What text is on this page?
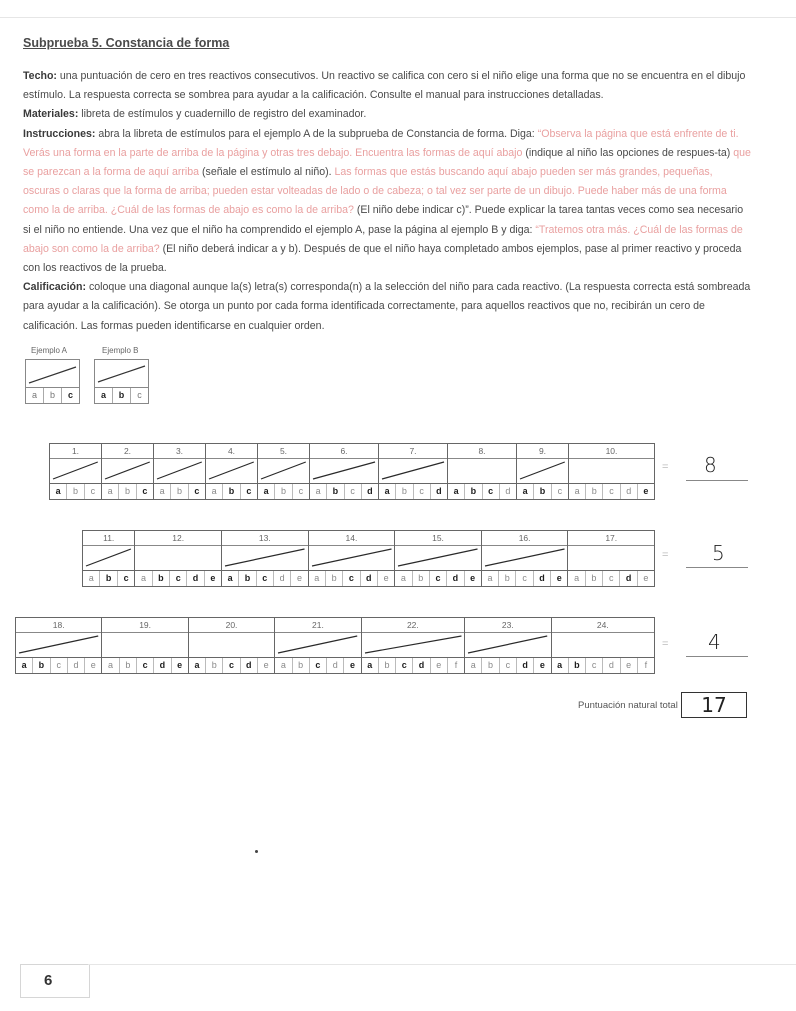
Subprueba 5. Constancia de forma

Techo: una puntuación de cero en tres reactivos consecutivos. Un reactivo se califica con cero si el niño elige una forma que no se encuentra en el dibujo estímulo. La respuesta correcta se sombrea para ayudar a la calificación. Consulte el manual para instrucciones detalladas.

Materiales: libreta de estímulos y cuadernillo de registro del examinador.

Instrucciones: abra la libreta de estímulos para el ejemplo A de la subprueba de Constancia de forma. Diga: “Observa la página que está enfrente de ti. Verás una forma en la parte de arriba de la página y otras tres debajo. Encuentra las formas de aquí abajo (indique al niño las opciones de respues-ta) que se parezcan a la forma de aquí arriba (señale el estímulo al niño). Las formas que estás buscando aquí abajo pueden ser más grandes, pequeñas, oscuras o claras que la forma de arriba; pueden estar volteadas de lado o de cabeza; o tal vez ser parte de un dibujo. Puede haber más de una forma como la de arriba. ¿Cuál de las formas de abajo es como la de arriba? (El niño debe indicar c)”. Puede explicar la tarea tantas veces como sea necesario si el niño no entiende. Una vez que el niño ha comprendido el ejemplo A, pase la página al ejemplo B y diga: “Tratemos otra más. ¿Cuál de las formas de abajo son como la de arriba? (El niño deberá indicar a y b). Después de que el niño haya completado ambos ejemplos, pase al primer reactivo y proceda con los reactivos de la prueba.

Calificación: coloque una diagonal aunque la(s) letra(s) corresponda(n) a la selección del niño para cada reactivo. (La respuesta correcta está sombreada para ayudar a la calificación). Se otorga un punto por cada forma identificada correctamente, para aquellos reactivos que no, recibirán un cero de calificación. Las formas pueden identificarse en cualquier orden.

Ejemplo A
a	b	c
Ejemplo B
a	b	c
1.
a	b	c
2.
a	b	c
3.
a	b	c
4.
a	b	c
5.
a	b	c
6.
a	b	c	d
7.
a	b	c	d
8.
a	b	c	d
9.
a	b	c
10.
a	b	c	d	e
= 8
11.
a	b	c
12.
a	b	c	d	e
13.
a	b	c	d	e
14.
a	b	c	d	e
15.
a	b	c	d	e
16.
a	b	c	d	e
17.
a	b	c	d	e
= 5
18.
a	b	c	d	e
19.
a	b	c	d	e
20.
a	b	c	d	e
21.
a	b	c	d	e
22.
a	b	c	d	e	f
23.
a	b	c	d	e
24.
a	b	c	d	e	f
= 4
Puntuación natural total	17
6
